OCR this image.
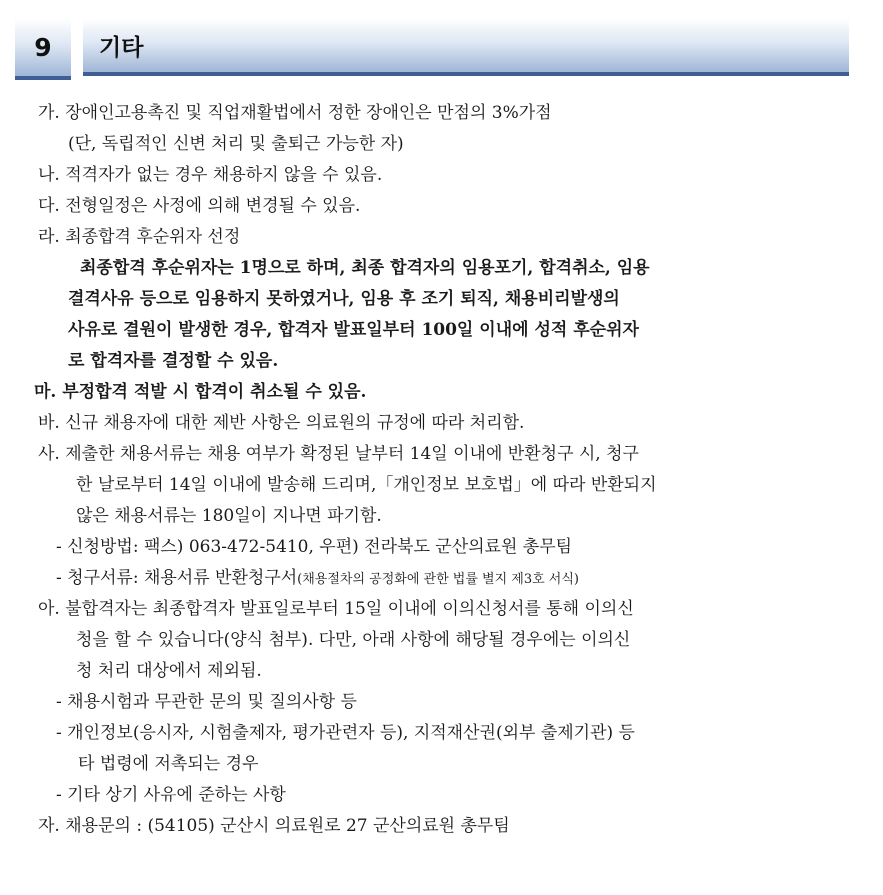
9	기타
가. 장애인고용촉진 및 직업재활법에서 정한 장애인은 만점의 3%가점
(단, 독립적인 신변 처리 및 출퇴근 가능한 자)
나. 적격자가 없는 경우 채용하지 않을 수 있음.
다. 전형일정은 사정에 의해 변경될 수 있음.
라. 최종합격 후순위자 선정
최종합격 후순위자는 1명으로 하며, 최종 합격자의 임용포기, 합격취소, 임용
결격사유 등으로 임용하지 못하였거나, 임용 후 조기 퇴직, 채용비리발생의
사유로 결원이 발생한 경우, 합격자 발표일부터 100일 이내에 성적 후순위자
로 합격자를 결정할 수 있음.
마. 부정합격 적발 시 합격이 취소될 수 있음.
바. 신규 채용자에 대한 제반 사항은 의료원의 규정에 따라 처리함.
사. 제출한 채용서류는 채용 여부가 확정된 날부터 14일 이내에 반환청구 시, 청구
한 날로부터 14일 이내에 발송해 드리며,「개인정보 보호법」에 따라 반환되지
않은 채용서류는 180일이 지나면 파기함.
- 신청방법: 팩스) 063-472-5410, 우편) 전라북도 군산의료원 총무팀
- 청구서류: 채용서류 반환청구서(채용절차의 공정화에 관한 법률 별지 제3호 서식)
아. 불합격자는 최종합격자 발표일로부터 15일 이내에 이의신청서를 통해 이의신
청을 할 수 있습니다(양식 첨부). 다만, 아래 사항에 해당될 경우에는 이의신
청 처리 대상에서 제외됨.
- 채용시험과 무관한 문의 및 질의사항 등
- 개인정보(응시자, 시험출제자, 평가관련자 등), 지적재산권(외부 출제기관) 등
타 법령에 저촉되는 경우
- 기타 상기 사유에 준하는 사항
자. 채용문의 : (54105) 군산시 의료원로 27 군산의료원 총무팀
